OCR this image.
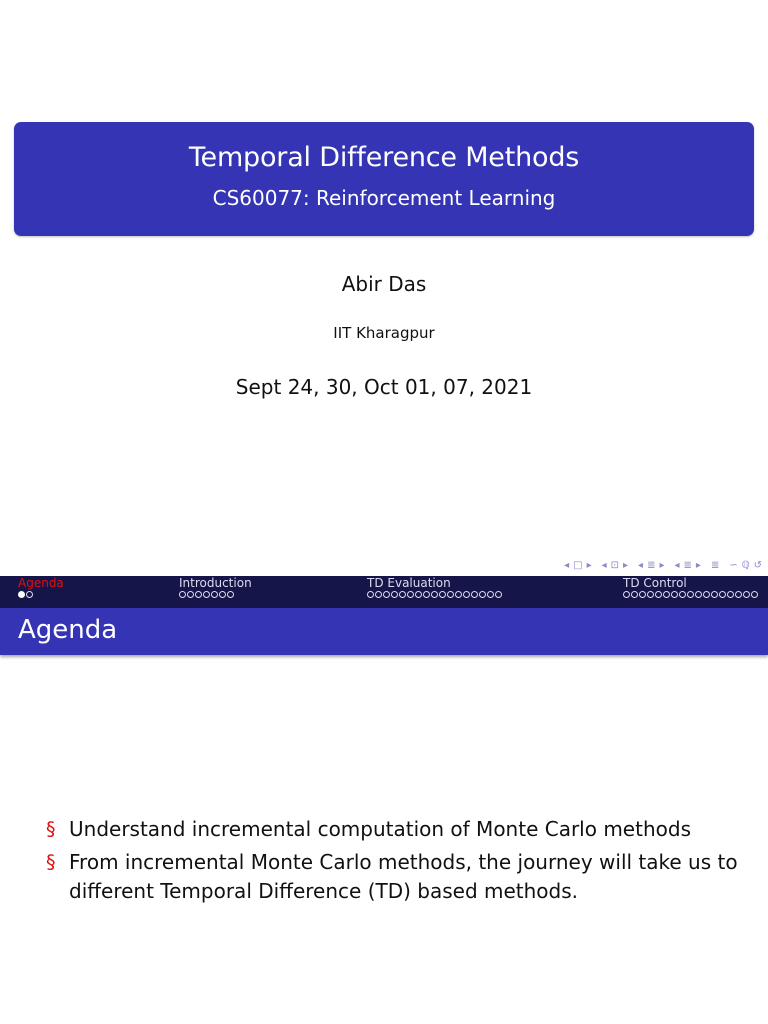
Temporal Difference Methods
CS60077: Reinforcement Learning
Abir Das
IIT Kharagpur
Sept 24, 30, Oct 01, 07, 2021
◂ □ ▸ ◂ ⊡ ▸ ◂ ≣ ▸ ◂ ≣ ▸ ≣ ∽ ℚ ↺
Agenda	Introduction	TD Evaluation	TD Control
Agenda
§ Understand incremental computation of Monte Carlo methods
§ From incremental Monte Carlo methods, the journey will take us to different Temporal Difference (TD) based methods.
